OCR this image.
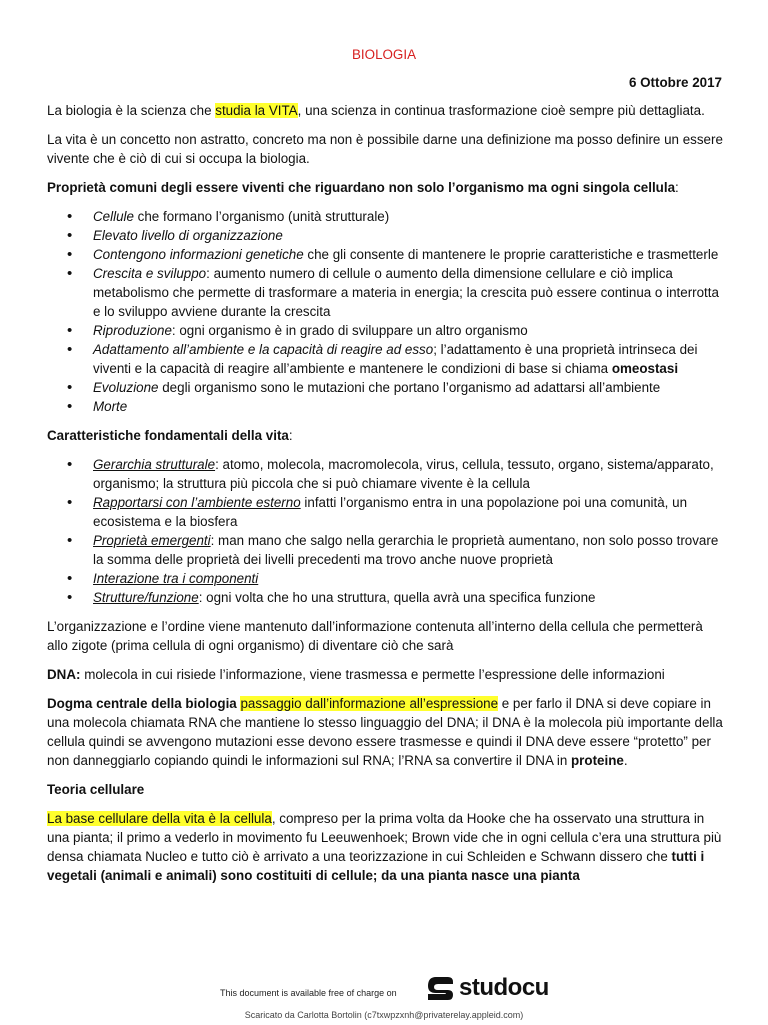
BIOLOGIA
6 Ottobre 2017

La biologia è la scienza che studia la VITA, una scienza in continua trasformazione cioè sempre più dettagliata.

La vita è un concetto non astratto, concreto ma non è possibile darne una definizione ma posso definire un essere vivente che è ciò di cui si occupa la biologia.

Proprietà comuni degli essere viventi che riguardano non solo l’organismo ma ogni singola cellula:

• Cellule che formano l’organismo (unità strutturale)
• Elevato livello di organizzazione
• Contengono informazioni genetiche che gli consente di mantenere le proprie caratteristiche e trasmetterle
• Crescita e sviluppo: aumento numero di cellule o aumento della dimensione cellulare e ciò implica metabolismo che permette di trasformare a materia in energia; la crescita può essere continua o interrotta e lo sviluppo avviene durante la crescita
• Riproduzione: ogni organismo è in grado di sviluppare un altro organismo
• Adattamento all’ambiente e la capacità di reagire ad esso; l’adattamento è una proprietà intrinseca dei viventi e la capacità di reagire all’ambiente e mantenere le condizioni di base si chiama omeostasi
• Evoluzione degli organismo sono le mutazioni che portano l’organismo ad adattarsi all’ambiente
• Morte

Caratteristiche fondamentali della vita:

• Gerarchia strutturale: atomo, molecola, macromolecola, virus, cellula, tessuto, organo, sistema/apparato, organismo; la struttura più piccola che si può chiamare vivente è la cellula
• Rapportarsi con l’ambiente esterno infatti l’organismo entra in una popolazione poi una comunità, un ecosistema e la biosfera
• Proprietà emergenti: man mano che salgo nella gerarchia le proprietà aumentano, non solo posso trovare la somma delle proprietà dei livelli precedenti ma trovo anche nuove proprietà
• Interazione tra i componenti
• Strutture/funzione: ogni volta che ho una struttura, quella avrà una specifica funzione

L’organizzazione e l’ordine viene mantenuto dall’informazione contenuta all’interno della cellula che permetterà allo zigote (prima cellula di ogni organismo) di diventare ciò che sarà

DNA: molecola in cui risiede l’informazione, viene trasmessa e permette l’espressione delle informazioni

Dogma centrale della biologia passaggio dall’informazione all’espressione e per farlo il DNA si deve copiare in una molecola chiamata RNA che mantiene lo stesso linguaggio del DNA; il DNA è la molecola più importante della cellula quindi se avvengono mutazioni esse devono essere trasmesse e quindi il DNA deve essere “protetto” per non danneggiarlo copiando quindi le informazioni sul RNA; l’RNA sa convertire il DNA in proteine.

Teoria cellulare

La base cellulare della vita è la cellula, compreso per la prima volta da Hooke che ha osservato una struttura in una pianta; il primo a vederlo in movimento fu Leeuwenhoek; Brown vide che in ogni cellula c’era una struttura più densa chiamata Nucleo e tutto ciò è arrivato a una teorizzazione in cui Schleiden e Schwann dissero che tutti i vegetali (animali e animali) sono costituiti di cellule; da una pianta nasce una pianta

This document is available free of charge on	studocu
Scaricato da Carlotta Bortolin (c7txwpzxnh@privaterelay.appleid.com)
